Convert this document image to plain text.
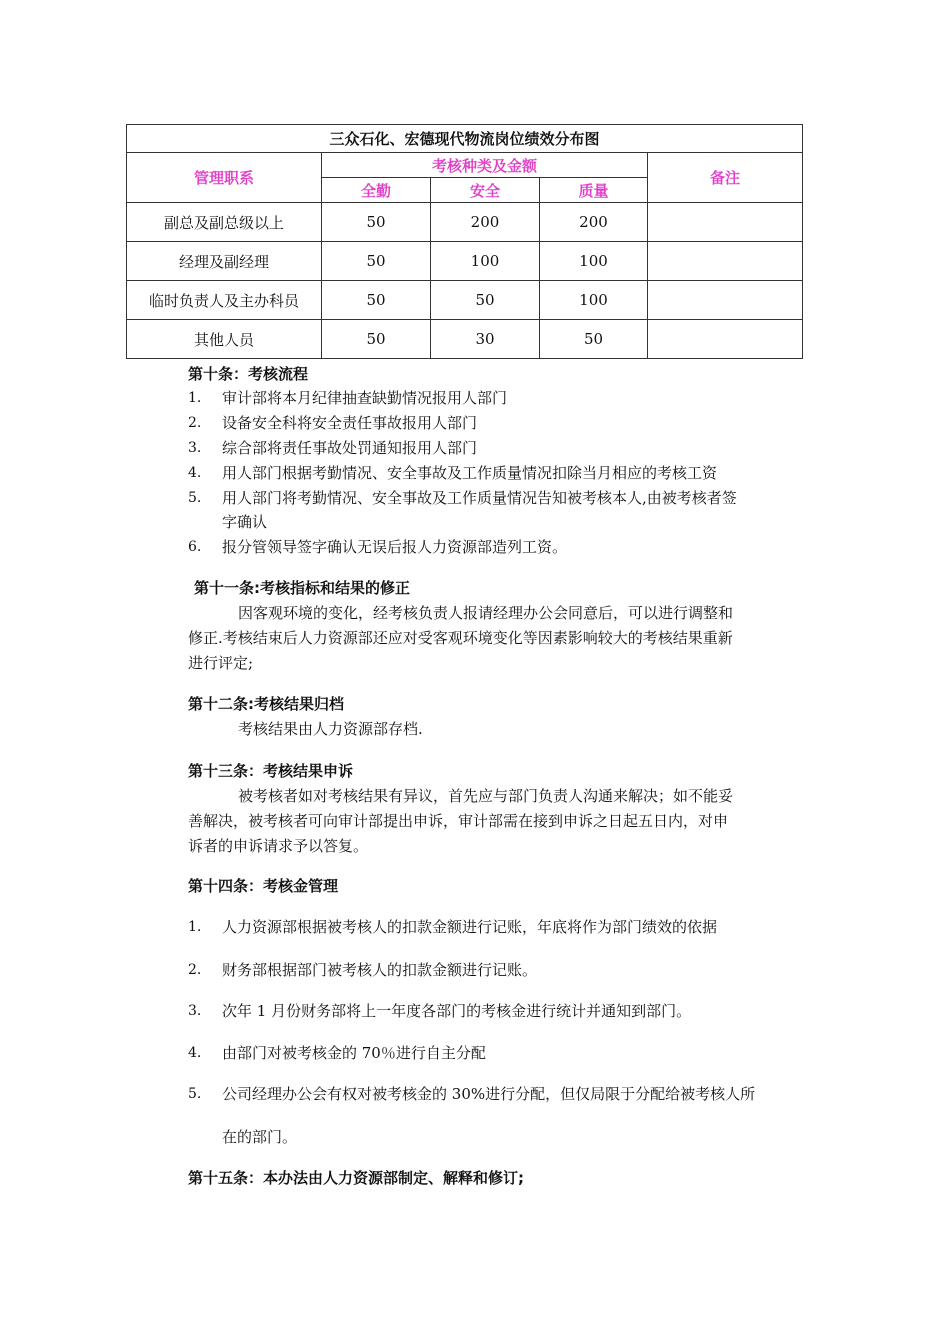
三众石化、宏德现代物流岗位绩效分布图				
管理职系	考核种类及金额			备注
	全勤	安全	质量	
副总及副总级以上	50	200	200	
经理及副经理	50	100	100	
临时负责人及主办科员	50	50	100	
其他人员	50	30	50	
第十条：考核流程
1. 审计部将本月纪律抽查缺勤情况报用人部门
2. 设备安全科将安全责任事故报用人部门
3. 综合部将责任事故处罚通知报用人部门
4. 用人部门根据考勤情况、安全事故及工作质量情况扣除当月相应的考核工资
5. 用人部门将考勤情况、安全事故及工作质量情况告知被考核本人,由被考核者签
字确认
6. 报分管领导签字确认无误后报人力资源部造列工资。
第十一条:考核指标和结果的修正
因客观环境的变化，经考核负责人报请经理办公会同意后，可以进行调整和
修正.考核结束后人力资源部还应对受客观环境变化等因素影响较大的考核结果重新
进行评定;
第十二条:考核结果归档
考核结果由人力资源部存档.
第十三条：考核结果申诉
被考核者如对考核结果有异议，首先应与部门负责人沟通来解决；如不能妥
善解决，被考核者可向审计部提出申诉，审计部需在接到申诉之日起五日内，对申
诉者的申诉请求予以答复。
第十四条：考核金管理
1. 人力资源部根据被考核人的扣款金额进行记账，年底将作为部门绩效的依据
2. 财务部根据部门被考核人的扣款金额进行记账。
3. 次年 1 月份财务部将上一年度各部门的考核金进行统计并通知到部门。
4. 由部门对被考核金的 70％进行自主分配
5. 公司经理办公会有权对被考核金的 30%进行分配，但仅局限于分配给被考核人所
在的部门。
第十五条：本办法由人力资源部制定、解释和修订;
